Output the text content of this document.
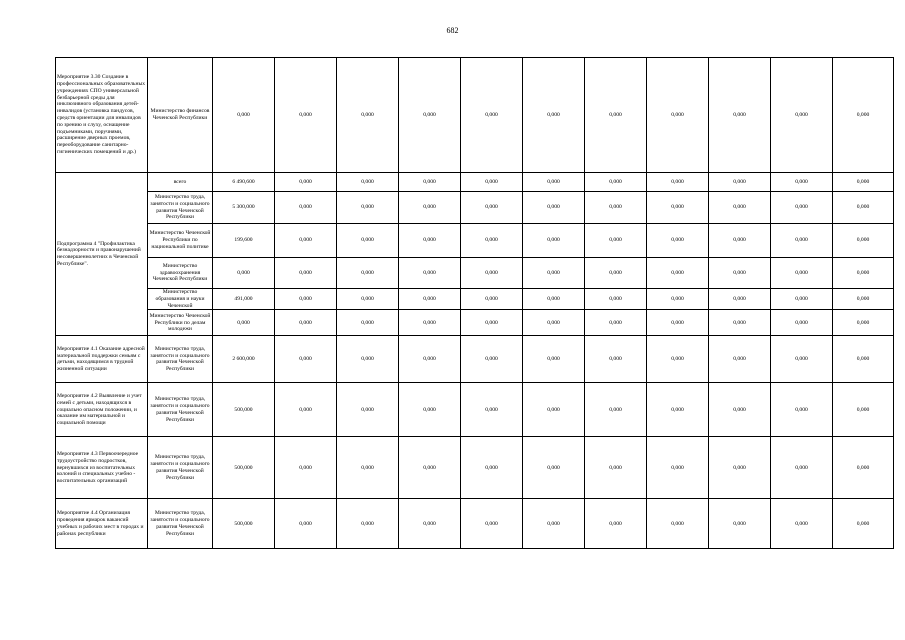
682
Мероприятие 3.30 Создание в профессиональных образовательных учреждениях СПО универсальной безбарьерной среды для инклюзивного образования детей-инвалидов (установка пандусов, средств ориентации для инвалидов по зрению и слуху, оснащение подъемниками, поручнями, расширение дверных проемов, переоборудование санитарно-гигиенических помещений и др.)	Министерство финансов Чеченской Республики	0,000	0,000	0,000	0,000	0,000	0,000	0,000	0,000	0,000	0,000	0,000
Подпрограмма 4 "Профилактика безнадзорности и правонарушений несовершеннолетних в Чеченской Республике".	всего	6 490,600	0,000	0,000	0,000	0,000	0,000	0,000	0,000	0,000	0,000	0,000
	Министерство труда, занятости и социального развития Чеченской Республики	5 300,000	0,000	0,000	0,000	0,000	0,000	0,000	0,000	0,000	0,000	0,000
	Министерство Чеченской Республики по национальной политике	199,600	0,000	0,000	0,000	0,000	0,000	0,000	0,000	0,000	0,000	0,000
	Министерство здравоохранения Чеченской Республики	0,000	0,000	0,000	0,000	0,000	0,000	0,000	0,000	0,000	0,000	0,000
	Министерство образования и науки Чеченской	491,000	0,000	0,000	0,000	0,000	0,000	0,000	0,000	0,000	0,000	0,000
	Министерство Чеченской Республики по делам молодежи	0,000	0,000	0,000	0,000	0,000	0,000	0,000	0,000	0,000	0,000	0,000
Мероприятие 4.1 Оказание адресной материальной поддержки семьям с детьми, находящимся в трудной жизненной ситуации	Министерство труда, занятости и социального развития Чеченской Республики	2 600,000	0,000	0,000	0,000	0,000	0,000	0,000	0,000	0,000	0,000	0,000
Мероприятие 4.2 Выявление и учет семей с детьми, находящихся в социально опасном положении, и оказание им материальной и социальной помощи	Министерство труда, занятости и социального развития Чеченской Республики	500,000	0,000	0,000	0,000	0,000	0,000	0,000	0,000	0,000	0,000	0,000
Мероприятие 4.3 Первоочередное трудоустройство подростков, вернувшихся из воспитательных колоний и специальных учебно - воспитательных организаций	Министерство труда, занятости и социального развития Чеченской Республики	500,000	0,000	0,000	0,000	0,000	0,000	0,000	0,000	0,000	0,000	0,000
Мероприятие 4.4 Организация проведения ярмарок вакансий учебных и рабочих мест в городах и районах республики	Министерство труда, занятости и социального развития Чеченской Республики	500,000	0,000	0,000	0,000	0,000	0,000	0,000	0,000	0,000	0,000	0,000
